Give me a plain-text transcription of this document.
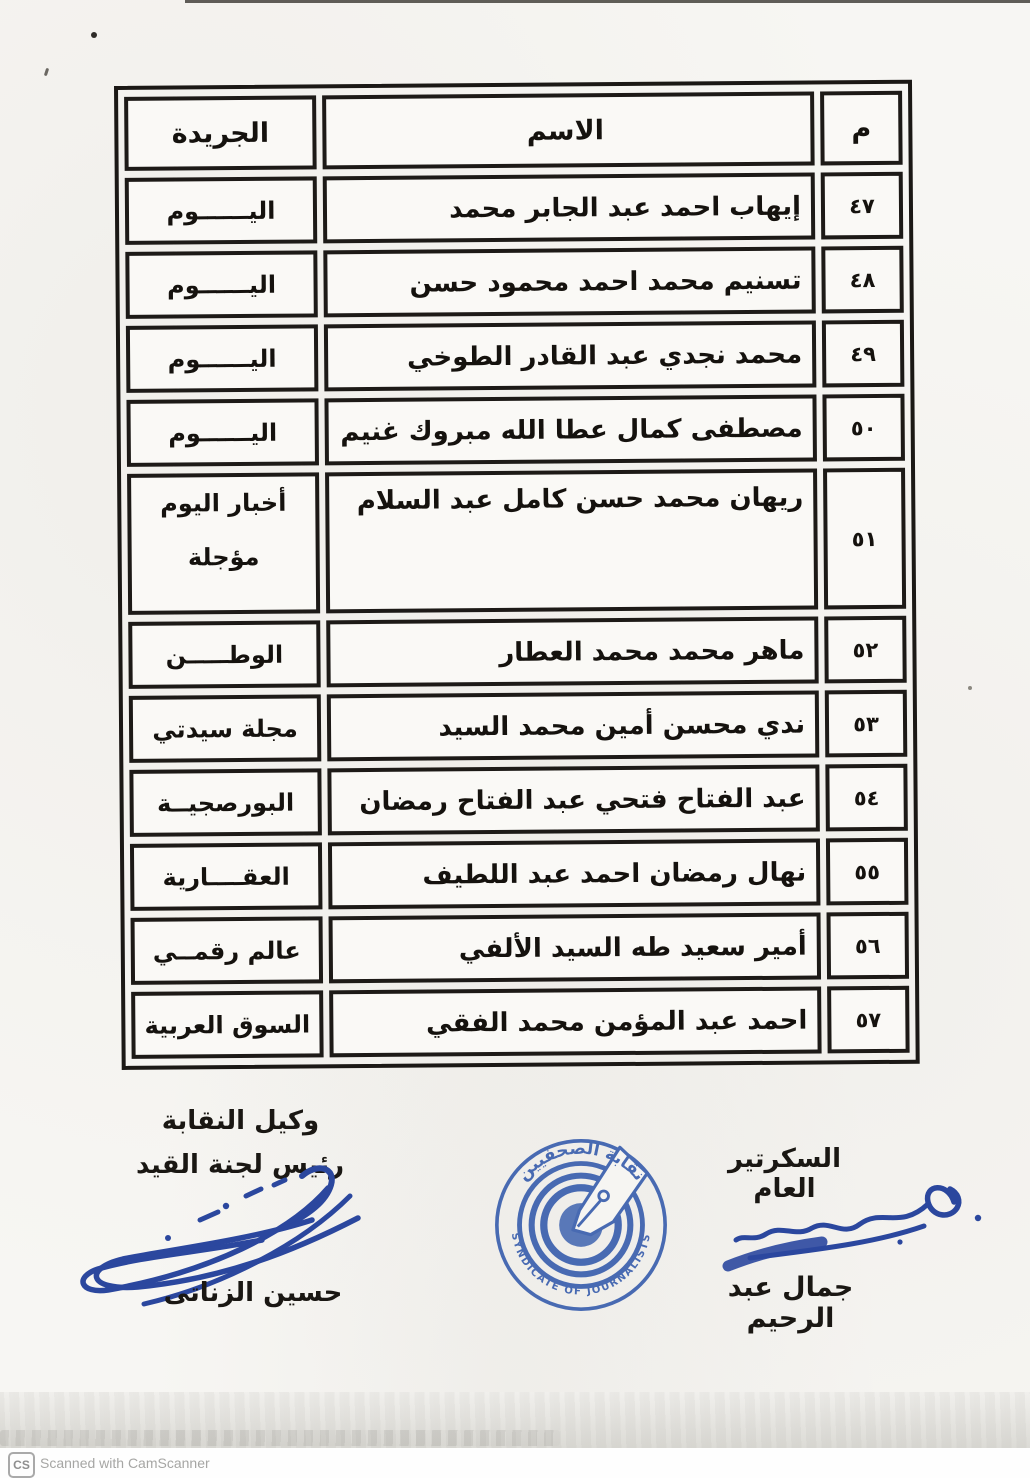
م	الاسم	الجريدة
٤٧	إيهاب احمد عبد الجابر محمد	اليــــــوم

٤٨	تسنيم محمد احمد محمود حسن	اليــــــوم

٤٩	محمد نجدي عبد القادر الطوخي	اليــــــوم

٥٠	مصطفى كمال عطا الله مبروك غنيم	اليــــــوم

٥١	ريهان محمد حسن كامل عبد السلام	أخبار اليوم
مؤجلة

٥٢	ماهر محمد محمد العطار	الوطـــــن

٥٣	ندي محسن أمين محمد السيد	مجلة سيدتي

٥٤	عبد الفتاح فتحي عبد الفتاح رمضان	البورصجيــة

٥٥	نهال رمضان احمد عبد اللطيف	العقــــارية

٥٦	أمير سعيد طه السيد الألفي	عالم رقمــي

٥٧	احمد عبد المؤمن محمد الفقي	السوق العربية
وكيل النقابة
رئيس لجنة القيد
حسين الزناتى
نقابة الصحفيين
SYNDICATE OF JOURNALISTS
السكرتير العام
جمال عبد الرحيم
CS Scanned with CamScanner
